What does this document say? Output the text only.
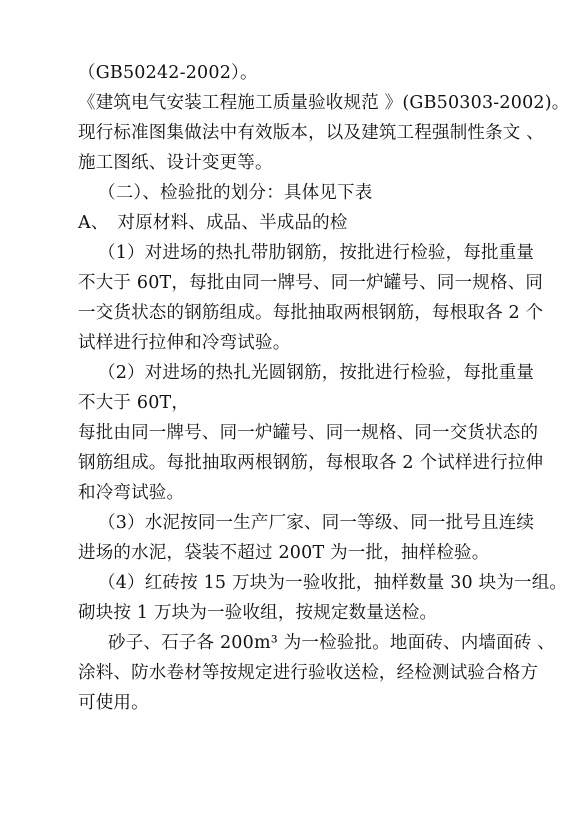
（GB50242-2002）。
《建筑电气安装工程施工质量验收规范 》(GB50303-2002)。
现行标准图集做法中有效版本，以及建筑工程强制性条文 、
施工图纸、设计变更等。
（二）、检验批的划分：具体见下表
A、　对原材料、成品、半成品的检
（1）对进场的热扎带肋钢筋，按批进行检验，每批重量
不大于 60T，每批由同一牌号、同一炉罐号、同一规格、同
一交货状态的钢筋组成。每批抽取两根钢筋，每根取各 2 个
试样进行拉伸和冷弯试验。
（2）对进场的热扎光圆钢筋，按批进行检验，每批重量
不大于 60T，
每批由同一牌号、同一炉罐号、同一规格、同一交货状态的
钢筋组成。每批抽取两根钢筋，每根取各 2 个试样进行拉伸
和冷弯试验。
（3）水泥按同一生产厂家、同一等级、同一批号且连续
进场的水泥，袋装不超过 200T 为一批，抽样检验。
（4）红砖按 15 万块为一验收批，抽样数量 30 块为一组。
砌块按 1 万块为一验收组，按规定数量送检。
砂子、石子各 200m³ 为一检验批。地面砖、内墙面砖 、
涂料、防水卷材等按规定进行验收送检，经检测试验合格方
可使用。
